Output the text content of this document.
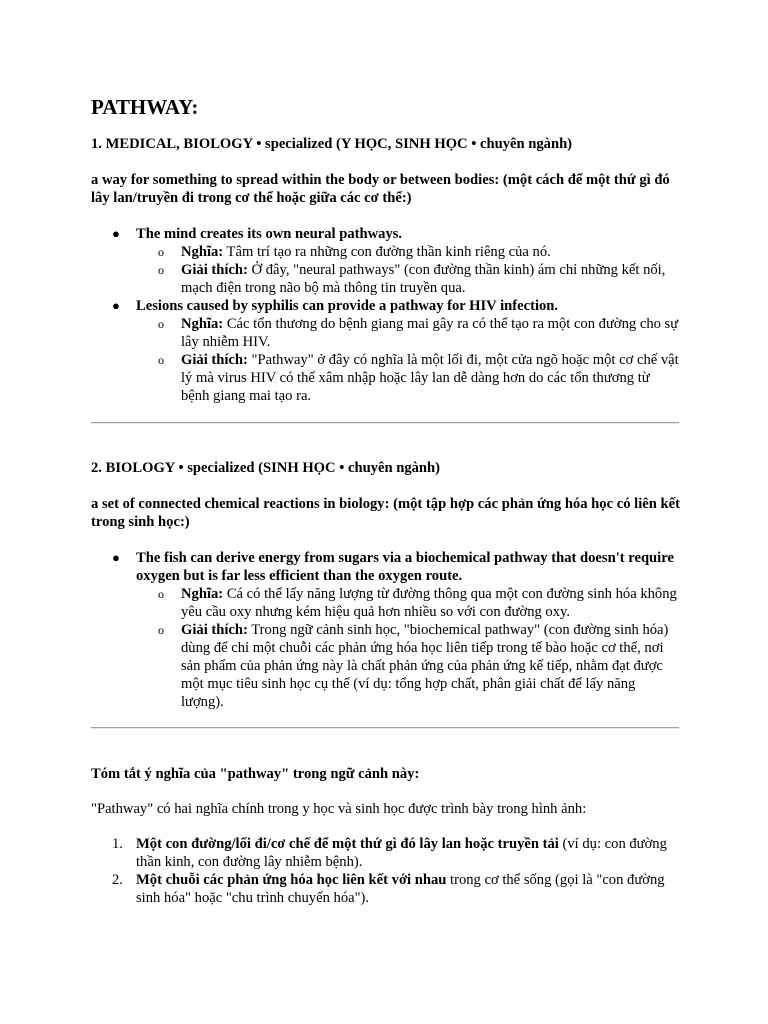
PATHWAY:

1. MEDICAL, BIOLOGY • specialized (Y HỌC, SINH HỌC • chuyên ngành)

a way for something to spread within the body or between bodies: (một cách để một thứ gì đó lây lan/truyền đi trong cơ thể hoặc giữa các cơ thể:)

● The mind creates its own neural pathways.
o Nghĩa: Tâm trí tạo ra những con đường thần kinh riêng của nó.
o Giải thích: Ở đây, "neural pathways" (con đường thần kinh) ám chỉ những kết nối, mạch điện trong não bộ mà thông tin truyền qua.
● Lesions caused by syphilis can provide a pathway for HIV infection.
o Nghĩa: Các tổn thương do bệnh giang mai gây ra có thể tạo ra một con đường cho sự lây nhiễm HIV.
o Giải thích: "Pathway" ở đây có nghĩa là một lối đi, một cửa ngõ hoặc một cơ chế vật lý mà virus HIV có thể xâm nhập hoặc lây lan dễ dàng hơn do các tổn thương từ bệnh giang mai tạo ra.

2. BIOLOGY • specialized (SINH HỌC • chuyên ngành)

a set of connected chemical reactions in biology: (một tập hợp các phản ứng hóa học có liên kết trong sinh học:)

● The fish can derive energy from sugars via a biochemical pathway that doesn't require oxygen but is far less efficient than the oxygen route.
o Nghĩa: Cá có thể lấy năng lượng từ đường thông qua một con đường sinh hóa không yêu cầu oxy nhưng kém hiệu quả hơn nhiều so với con đường oxy.
o Giải thích: Trong ngữ cảnh sinh học, "biochemical pathway" (con đường sinh hóa) dùng để chỉ một chuỗi các phản ứng hóa học liên tiếp trong tế bào hoặc cơ thể, nơi sản phẩm của phản ứng này là chất phản ứng của phản ứng kế tiếp, nhằm đạt được một mục tiêu sinh học cụ thể (ví dụ: tổng hợp chất, phân giải chất để lấy năng lượng).

Tóm tắt ý nghĩa của "pathway" trong ngữ cảnh này:

"Pathway" có hai nghĩa chính trong y học và sinh học được trình bày trong hình ảnh:

1. Một con đường/lối đi/cơ chế để một thứ gì đó lây lan hoặc truyền tải (ví dụ: con đường thần kinh, con đường lây nhiễm bệnh).
2. Một chuỗi các phản ứng hóa học liên kết với nhau trong cơ thể sống (gọi là "con đường sinh hóa" hoặc "chu trình chuyển hóa").
